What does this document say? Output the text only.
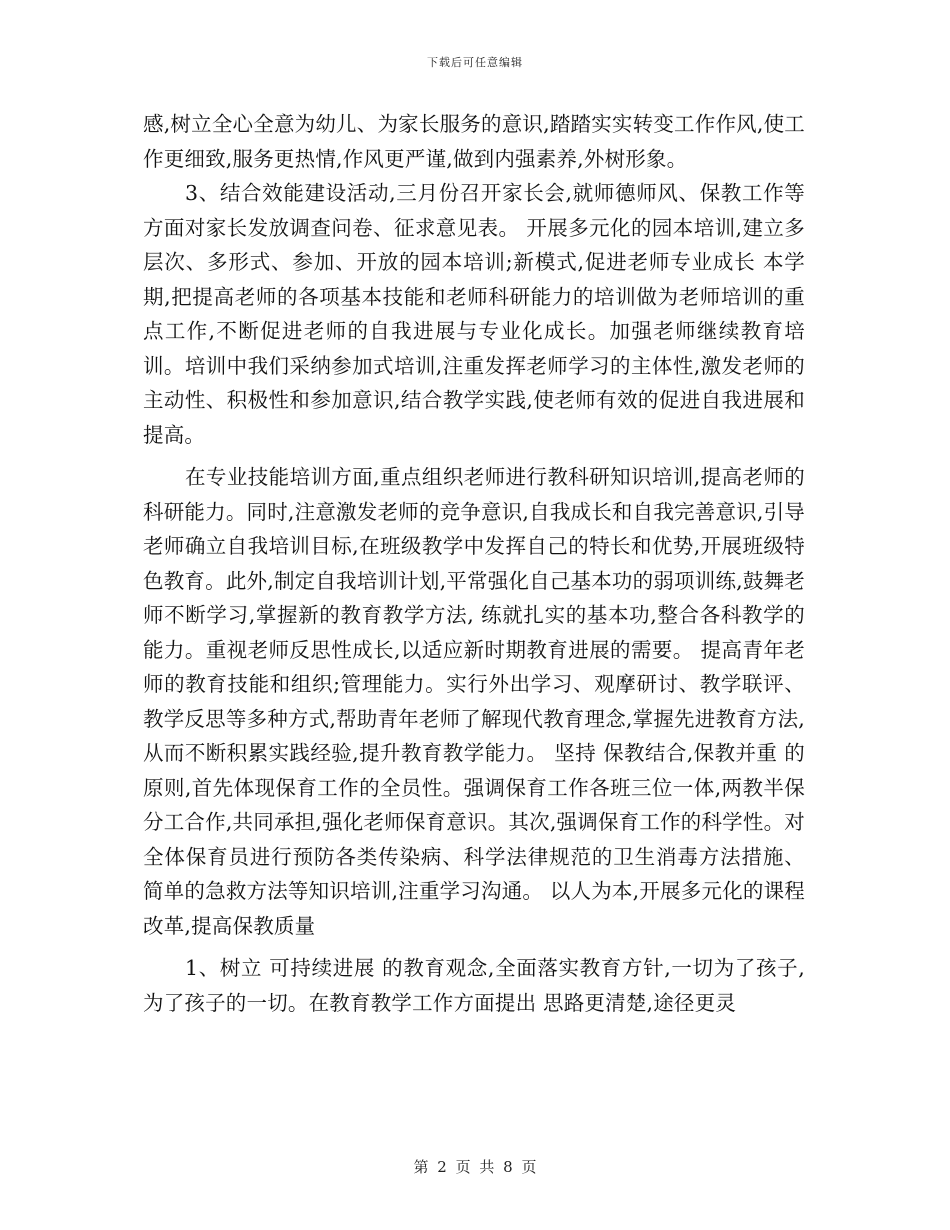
下载后可任意编辑

感,树立全心全意为幼儿、为家长服务的意识,踏踏实实转变工作作风,使工作更细致,服务更热情,作风更严谨,做到内强素养,外树形象。

3、结合效能建设活动,三月份召开家长会,就师德师风、保教工作等方面对家长发放调查问卷、征求意见表。 开展多元化的园本培训,建立多层次、多形式、参加、开放的园本培训;新模式,促进老师专业成长 本学期,把提高老师的各项基本技能和老师科研能力的培训做为老师培训的重点工作,不断促进老师的自我进展与专业化成长。加强老师继续教育培训。培训中我们采纳参加式培训,注重发挥老师学习的主体性,激发老师的主动性、积极性和参加意识,结合教学实践,使老师有效的促进自我进展和提高。

在专业技能培训方面,重点组织老师进行教科研知识培训,提高老师的科研能力。同时,注意激发老师的竞争意识,自我成长和自我完善意识,引导老师确立自我培训目标,在班级教学中发挥自己的特长和优势,开展班级特色教育。此外,制定自我培训计划,平常强化自己基本功的弱项训练,鼓舞老师不断学习,掌握新的教育教学方法, 练就扎实的基本功,整合各科教学的能力。重视老师反思性成长,以适应新时期教育进展的需要。 提高青年老师的教育技能和组织;管理能力。实行外出学习、观摩研讨、教学联评、教学反思等多种方式,帮助青年老师了解现代教育理念,掌握先进教育方法,从而不断积累实践经验,提升教育教学能力。 坚持 保教结合,保教并重 的原则,首先体现保育工作的全员性。强调保育工作各班三位一体,两教半保分工合作,共同承担,强化老师保育意识。其次,强调保育工作的科学性。对全体保育员进行预防各类传染病、科学法律规范的卫生消毒方法措施、简单的急救方法等知识培训,注重学习沟通。 以人为本,开展多元化的课程改革,提高保教质量

1、树立 可持续进展 的教育观念,全面落实教育方针,一切为了孩子,为了孩子的一切。在教育教学工作方面提出 思路更清楚,途径更灵

第 2 页 共 8 页
